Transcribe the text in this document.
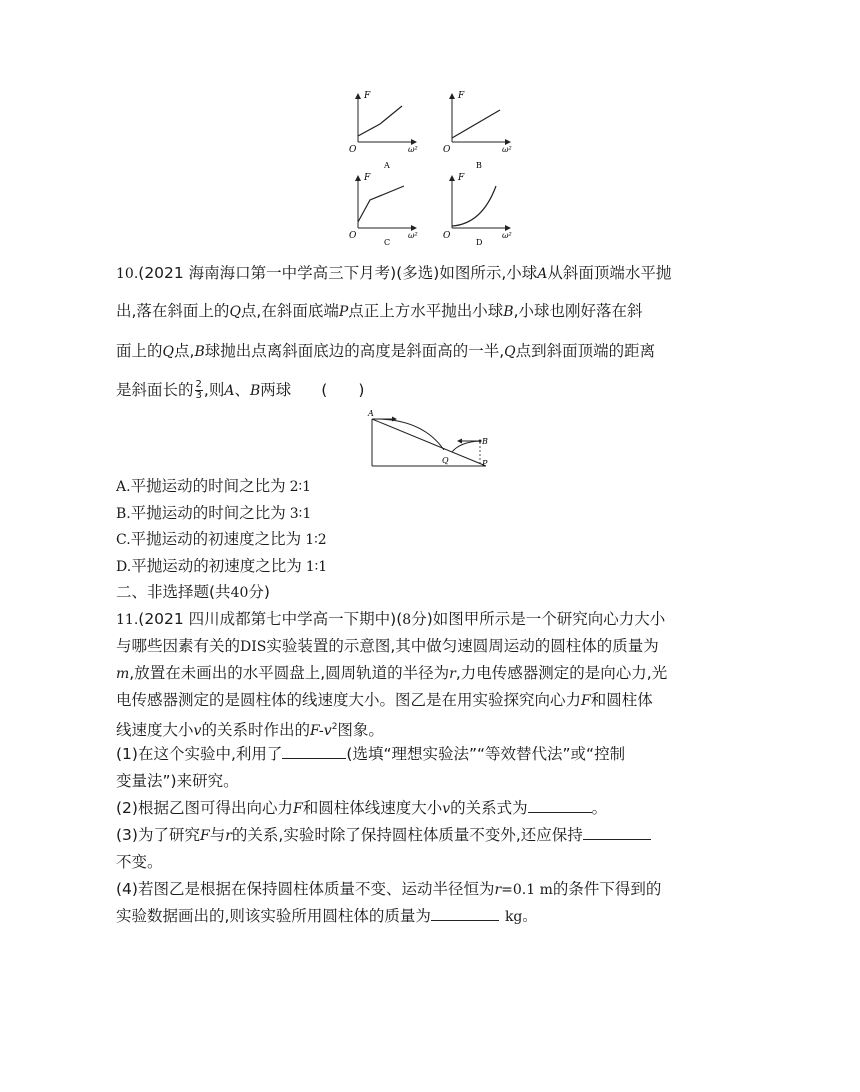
F
O	ω²
A
F
O	ω²
B
F
O	ω²
C
F
O	ω²
D
10.(2021 海南海口第一中学高三下月考)(多选)如图所示,小球A从斜面顶端水平抛
出,落在斜面上的Q点,在斜面底端P点正上方水平抛出小球B,小球也刚好落在斜
面上的Q点,B球抛出点离斜面底边的高度是斜面高的一半,Q点到斜面顶端的距离
是斜面长的 $\frac{2}{3}$ ,则A、B两球 (　　)
A
B
Q	P
A.平抛运动的时间之比为 2∶1
B.平抛运动的时间之比为 3∶1
C.平抛运动的初速度之比为 1∶2
D.平抛运动的初速度之比为 1∶1
二、非选择题(共40分)
11.(2021 四川成都第七中学高一下期中)(8分)如图甲所示是一个研究向心力大小
与哪些因素有关的DIS实验装置的示意图,其中做匀速圆周运动的圆柱体的质量为
m,放置在未画出的水平圆盘上,圆周轨道的半径为r,力电传感器测定的是向心力,光
电传感器测定的是圆柱体的线速度大小。图乙是在用实验探究向心力F和圆柱体
线速度大小v的关系时作出的$F-v^2$图象。
(1)在这个实验中,利用了	(选填“理想实验法”“等效替代法”或“控制
变量法”)来研究。
(2)根据乙图可得出向心力F和圆柱体线速度大小v的关系式为	。
(3)为了研究F与r的关系,实验时除了保持圆柱体质量不变外,还应保持
不变。
(4)若图乙是根据在保持圆柱体质量不变、运动半径恒为r=0.1 m的条件下得到的
实验数据画出的,则该实验所用圆柱体的质量为	kg。
